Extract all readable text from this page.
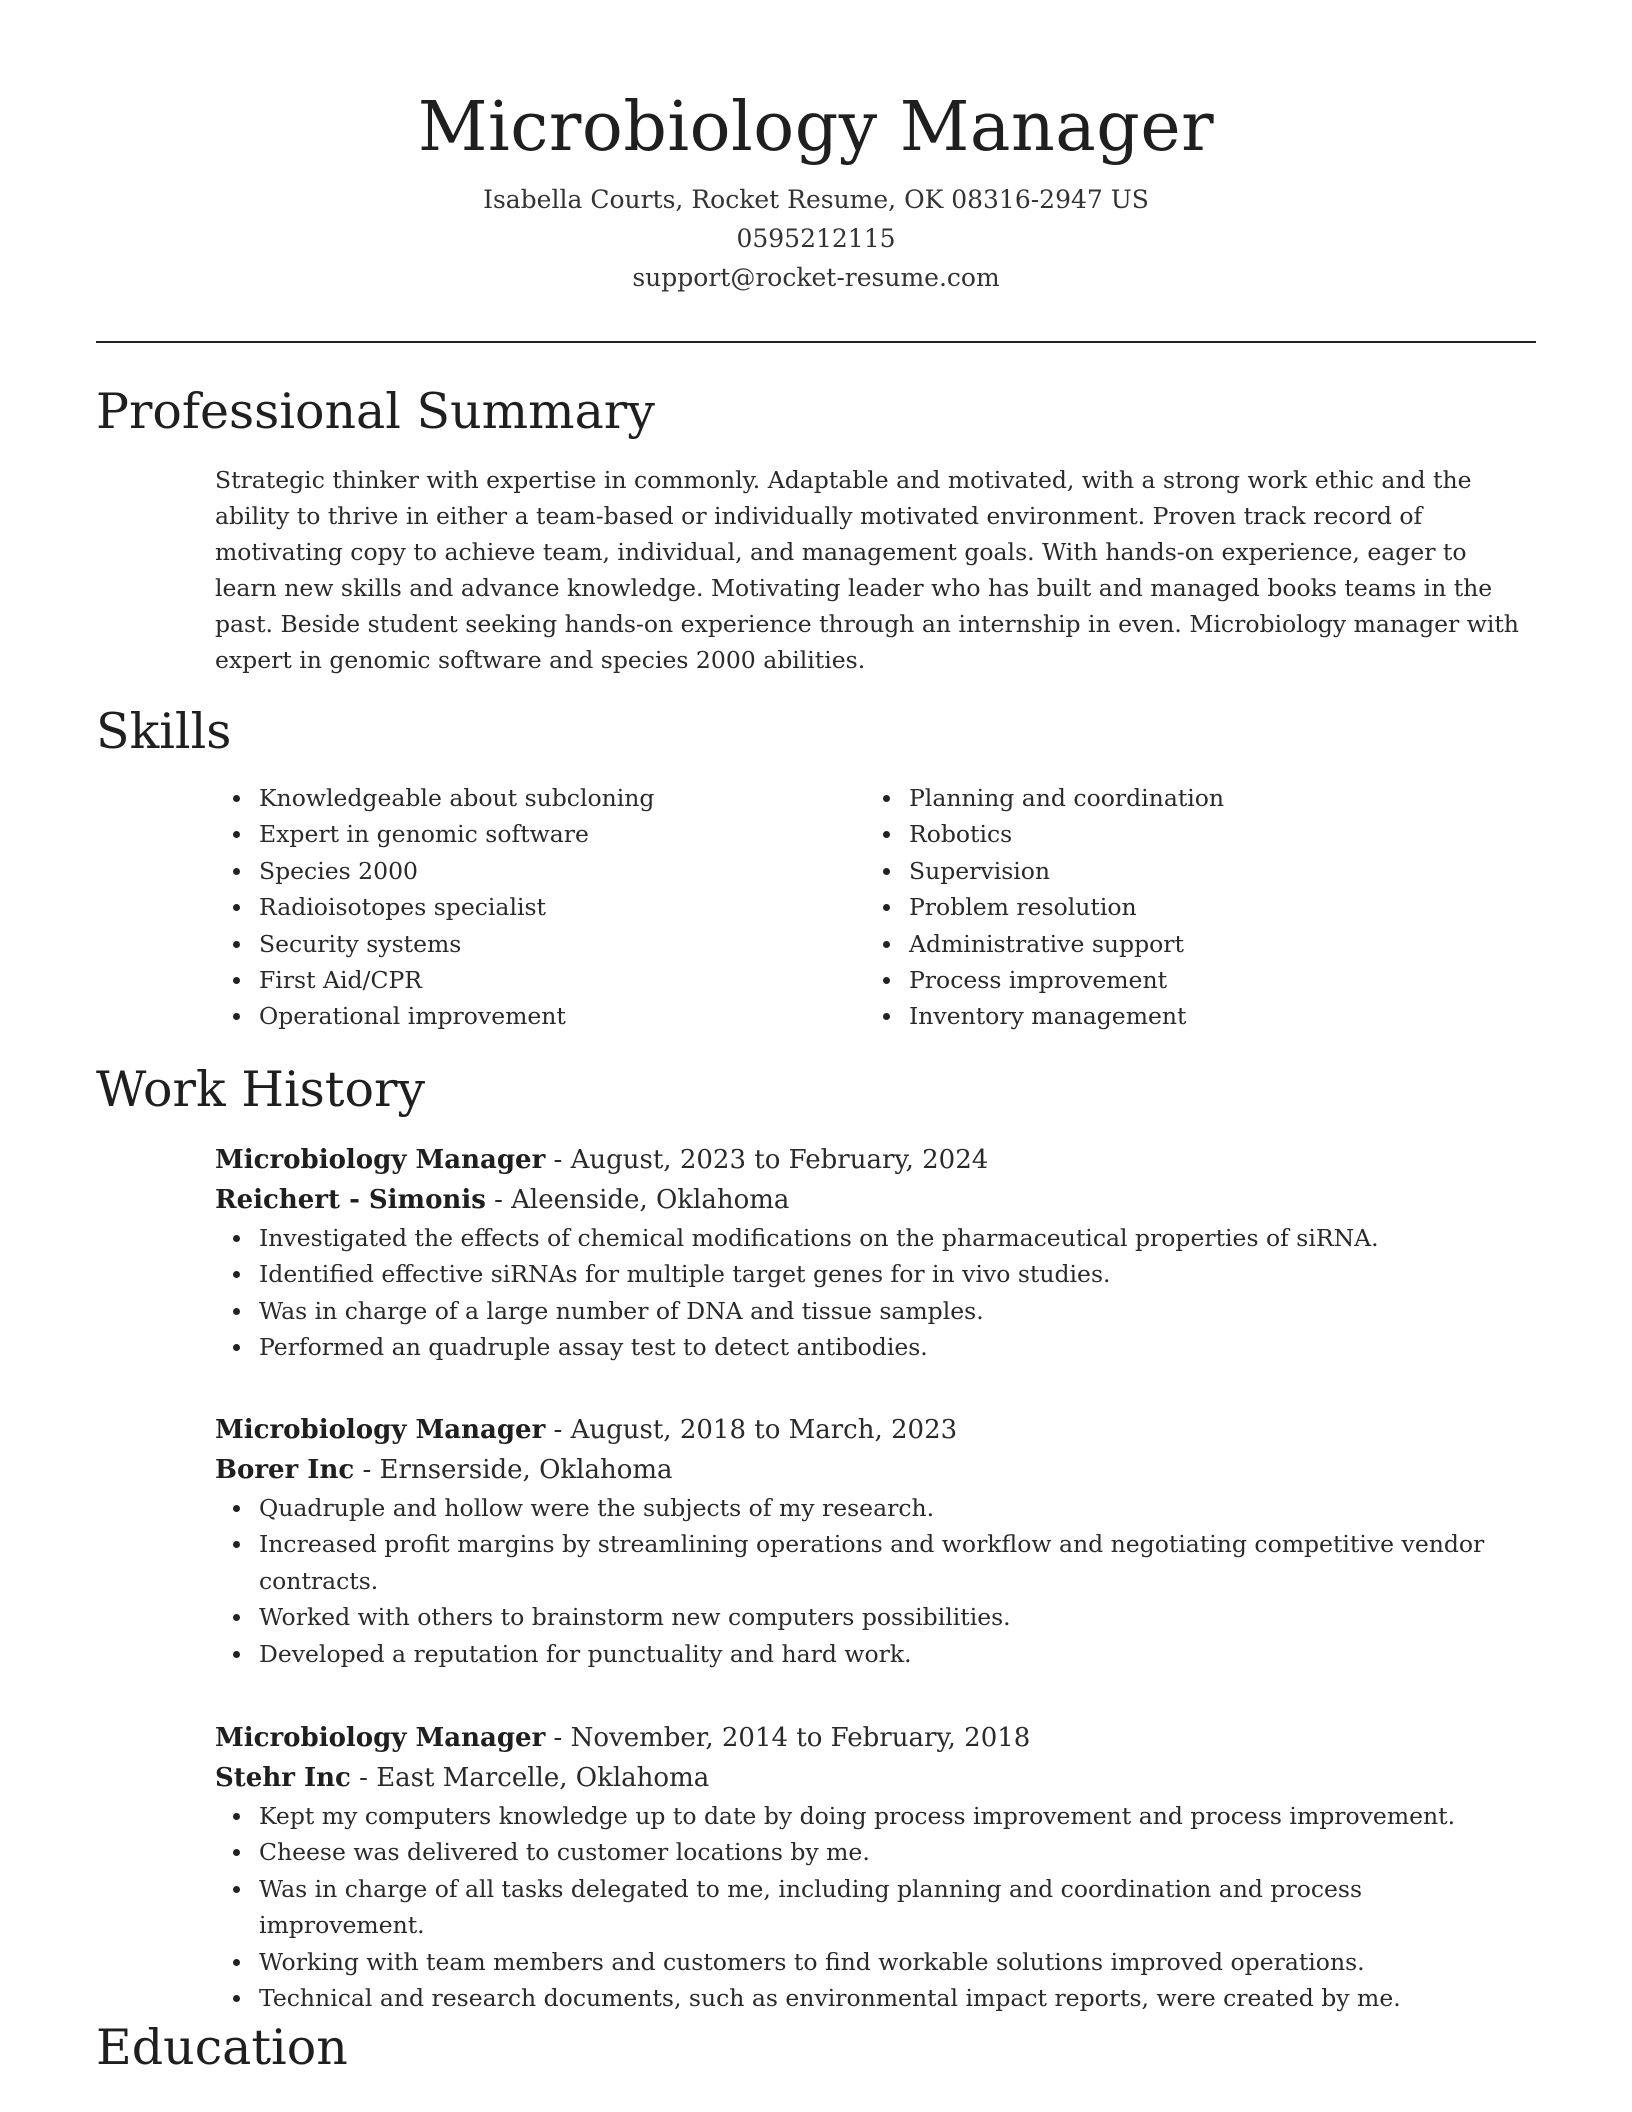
Microbiology Manager
Isabella Courts, Rocket Resume, OK 08316-2947 US
0595212115
support@rocket-resume.com
Professional Summary
Strategic thinker with expertise in commonly. Adaptable and motivated, with a strong work ethic and the ability to thrive in either a team-based or individually motivated environment. Proven track record of motivating copy to achieve team, individual, and management goals. With hands-on experience, eager to learn new skills and advance knowledge. Motivating leader who has built and managed books teams in the past. Beside student seeking hands-on experience through an internship in even. Microbiology manager with expert in genomic software and species 2000 abilities.
Skills
Knowledgeable about subcloning
Expert in genomic software
Species 2000
Radioisotopes specialist
Security systems
First Aid/CPR
Operational improvement
Planning and coordination
Robotics
Supervision
Problem resolution
Administrative support
Process improvement
Inventory management
Work History
Microbiology Manager - August, 2023 to February, 2024
Reichert - Simonis - Aleenside, Oklahoma
Investigated the effects of chemical modifications on the pharmaceutical properties of siRNA.
Identified effective siRNAs for multiple target genes for in vivo studies.
Was in charge of a large number of DNA and tissue samples.
Performed an quadruple assay test to detect antibodies.
Microbiology Manager - August, 2018 to March, 2023
Borer Inc - Ernserside, Oklahoma
Quadruple and hollow were the subjects of my research.
Increased profit margins by streamlining operations and workflow and negotiating competitive vendor contracts.
Worked with others to brainstorm new computers possibilities.
Developed a reputation for punctuality and hard work.
Microbiology Manager - November, 2014 to February, 2018
Stehr Inc - East Marcelle, Oklahoma
Kept my computers knowledge up to date by doing process improvement and process improvement.
Cheese was delivered to customer locations by me.
Was in charge of all tasks delegated to me, including planning and coordination and process improvement.
Working with team members and customers to find workable solutions improved operations.
Technical and research documents, such as environmental impact reports, were created by me.
Education
